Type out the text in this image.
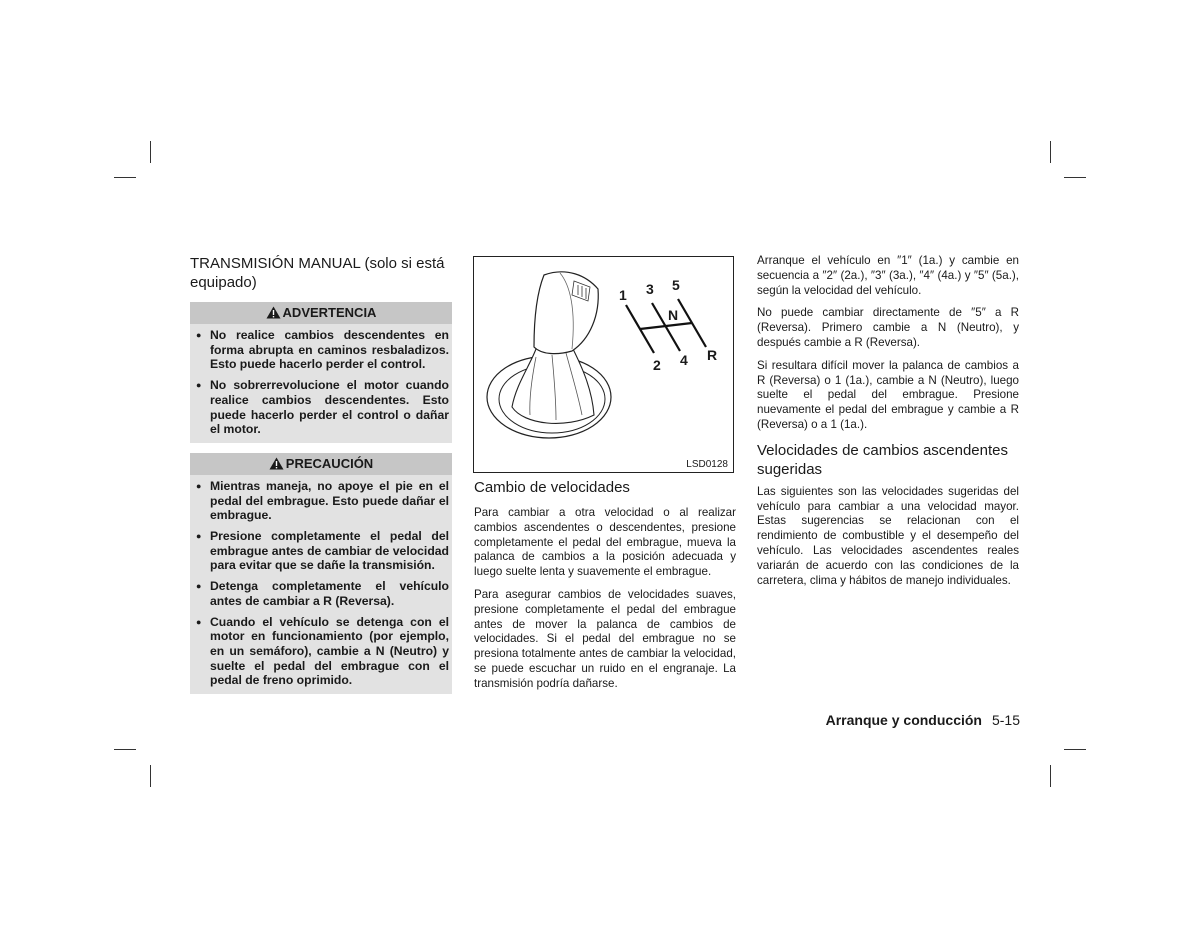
TRANSMISIÓN MANUAL (solo si está equipado)
ADVERTENCIA
● No realice cambios descendentes en forma abrupta en caminos resbaladizos. Esto puede hacerlo perder el control.
● No sobrerrevolucione el motor cuando realice cambios descendentes. Esto puede hacerlo perder el control o dañar el motor.
PRECAUCIÓN
● Mientras maneja, no apoye el pie en el pedal del embrague. Esto puede dañar el embrague.
● Presione completamente el pedal del embrague antes de cambiar de velocidad para evitar que se dañe la transmisión.
● Detenga completamente el vehículo antes de cambiar a R (Reversa).
● Cuando el vehículo se detenga con el motor en funcionamiento (por ejemplo, en un semáforo), cambie a N (Neutro) y suelte el pedal del embrague con el pedal de freno oprimido.
1 3 5
N
2 4 R
LSD0128
Cambio de velocidades

Para cambiar a otra velocidad o al realizar cambios ascendentes o descendentes, presione completamente el pedal del embrague, mueva la palanca de cambios a la posición adecuada y luego suelte lenta y suavemente el embrague.

Para asegurar cambios de velocidades suaves, presione completamente el pedal del embrague antes de mover la palanca de cambios de velocidades. Si el pedal del embrague no se presiona totalmente antes de cambiar la velocidad, se puede escuchar un ruido en el engranaje. La transmisión podría dañarse.

Arranque el vehículo en ″1″ (1a.) y cambie en secuencia a ″2″ (2a.), ″3″ (3a.), ″4″ (4a.) y ″5″ (5a.), según la velocidad del vehículo.

No puede cambiar directamente de ″5″ a R (Reversa). Primero cambie a N (Neutro), y después cambie a R (Reversa).

Si resultara difícil mover la palanca de cambios a R (Reversa) o 1 (1a.), cambie a N (Neutro), luego suelte el pedal del embrague. Presione nuevamente el pedal del embrague y cambie a R (Reversa) o a 1 (1a.).

Velocidades de cambios ascendentes sugeridas

Las siguientes son las velocidades sugeridas del vehículo para cambiar a una velocidad mayor. Estas sugerencias se relacionan con el rendimiento de combustible y el desempeño del vehículo. Las velocidades ascendentes reales variarán de acuerdo con las condiciones de la carretera, clima y hábitos de manejo individuales.

Arranque y conducción 5-15
